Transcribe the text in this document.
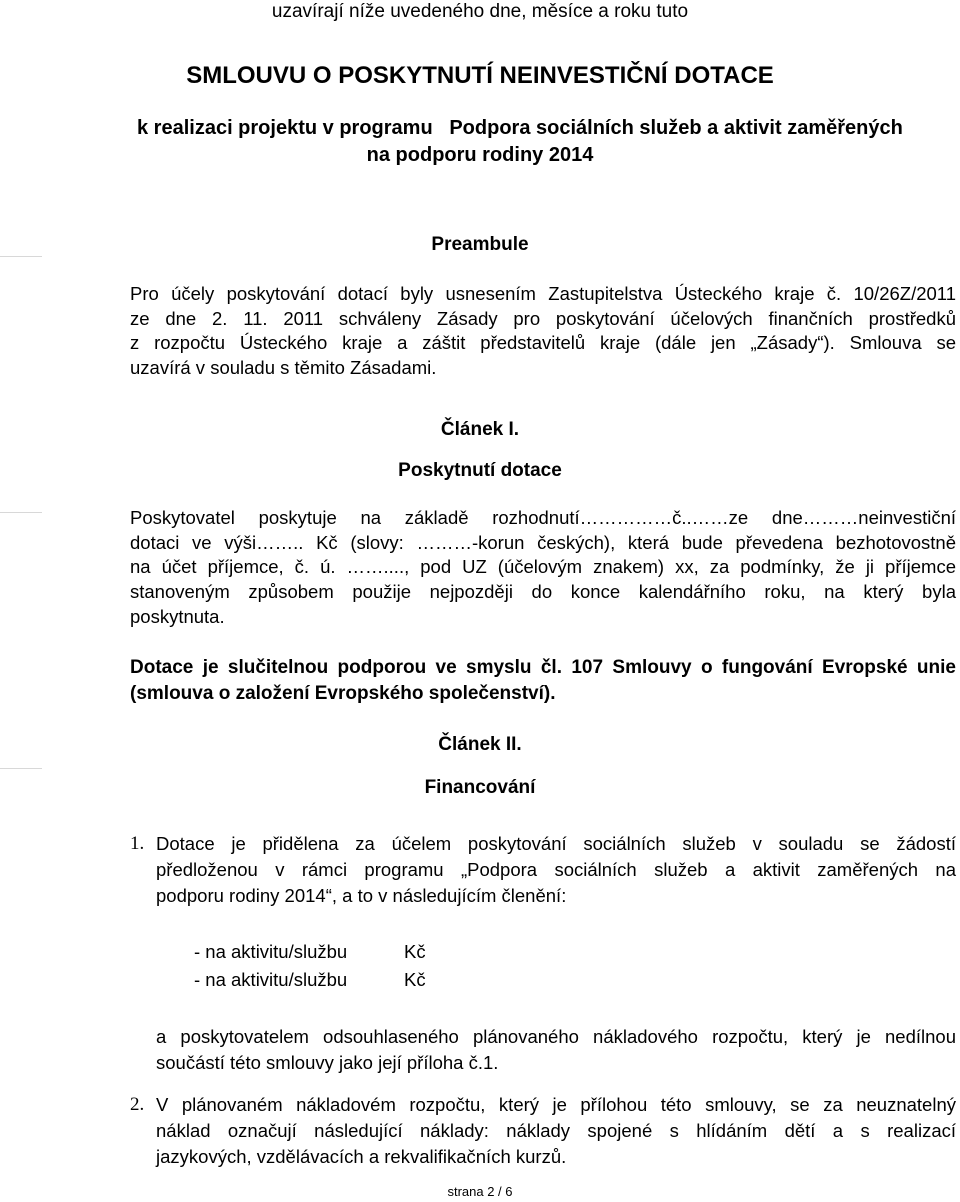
uzavírají níže uvedeného dne, měsíce a roku tuto
SMLOUVU O POSKYTNUTÍ NEINVESTIČNÍ DOTACE
k realizaci projektu v programu   Podpora sociálních služeb a aktivit zaměřených
na podporu rodiny 2014
Preambule
Pro účely poskytování dotací byly usnesením Zastupitelstva Ústeckého kraje č. 10/26Z/2011
ze dne 2. 11. 2011 schváleny Zásady pro poskytování účelových finančních prostředků
z rozpočtu Ústeckého kraje a záštit představitelů kraje (dále jen „Zásady“). Smlouva se
uzavírá v souladu s těmito Zásadami.
Článek I.
Poskytnutí dotace
Poskytovatel poskytuje na základě rozhodnutí……………č..……ze dne………neinvestiční
dotaci ve výši…….. Kč (slovy: ………-korun českých), která bude převedena bezhotovostně
na účet příjemce, č. ú. ……...., pod UZ (účelovým znakem) xx, za podmínky, že ji příjemce
stanoveným způsobem použije nejpozději do konce kalendářního roku, na který byla
poskytnuta.
Dotace je slučitelnou podporou ve smyslu čl. 107 Smlouvy o fungování Evropské unie
(smlouva o založení Evropského společenství).
Článek II.
Financování
1. Dotace je přidělena za účelem poskytování sociálních služeb v souladu se žádostí
předloženou v rámci programu „Podpora sociálních služeb a aktivit zaměřených na
podporu rodiny 2014“, a to v následujícím členění:
- na aktivitu/službu	Kč
- na aktivitu/službu	Kč
a poskytovatelem odsouhlaseného plánovaného nákladového rozpočtu, který je nedílnou
součástí této smlouvy jako její příloha č.1.
2. V plánovaném nákladovém rozpočtu, který je přílohou této smlouvy, se za neuznatelný
náklad označují následující náklady: náklady spojené s hlídáním dětí a s realizací
jazykových, vzdělávacích a rekvalifikačních kurzů.
strana 2 / 6
